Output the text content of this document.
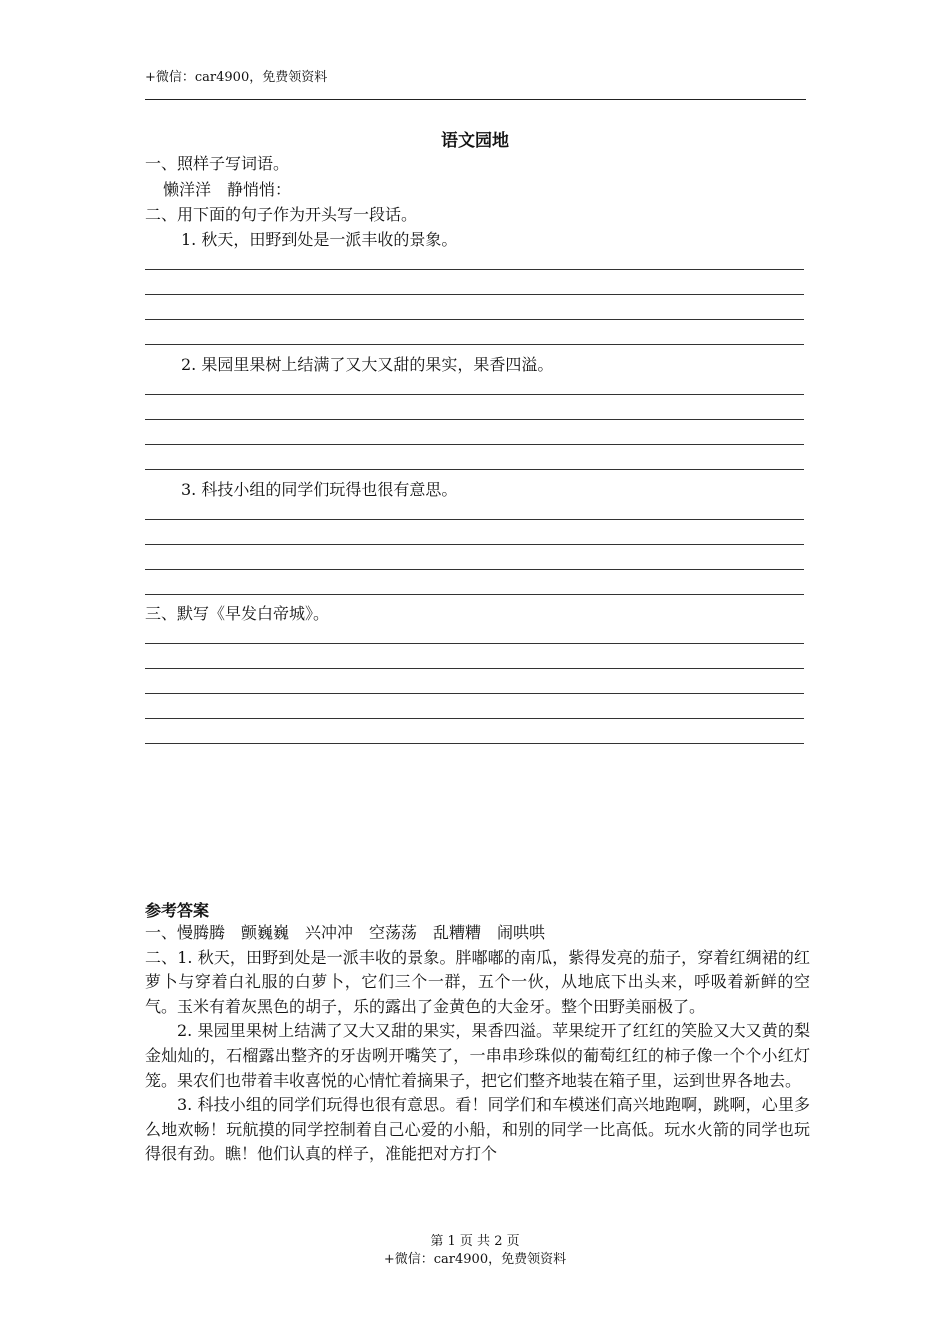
+微信：car4900，免费领资料
语文园地
一、照样子写词语。
懒洋洋　静悄悄：
二、用下面的句子作为开头写一段话。
1. 秋天，田野到处是一派丰收的景象。
2. 果园里果树上结满了又大又甜的果实，果香四溢。
3. 科技小组的同学们玩得也很有意思。
三、默写《早发白帝城》。
参考答案

一、慢腾腾　颤巍巍　兴冲冲　空荡荡　乱糟糟　闹哄哄

二、1. 秋天，田野到处是一派丰收的景象。胖嘟嘟的南瓜，紫得发亮的茄子，穿着红绸裙的红萝卜与穿着白礼服的白萝卜，它们三个一群，五个一伙，从地底下出头来，呼吸着新鲜的空气。玉米有着灰黑色的胡子，乐的露出了金黄色的大金牙。整个田野美丽极了。

2. 果园里果树上结满了又大又甜的果实，果香四溢。苹果绽开了红红的笑脸又大又黄的梨金灿灿的，石榴露出整齐的牙齿咧开嘴笑了，一串串珍珠似的葡萄红红的柿子像一个个小红灯笼。果农们也带着丰收喜悦的心情忙着摘果子，把它们整齐地装在箱子里，运到世界各地去。

3. 科技小组的同学们玩得也很有意思。看！同学们和车模迷们高兴地跑啊，跳啊，心里多么地欢畅！玩航摸的同学控制着自己心爱的小船，和别的同学一比高低。玩水火箭的同学也玩得很有劲。瞧！他们认真的样子，准能把对方打个

第 1 页 共 2 页
+微信：car4900，免费领资料
